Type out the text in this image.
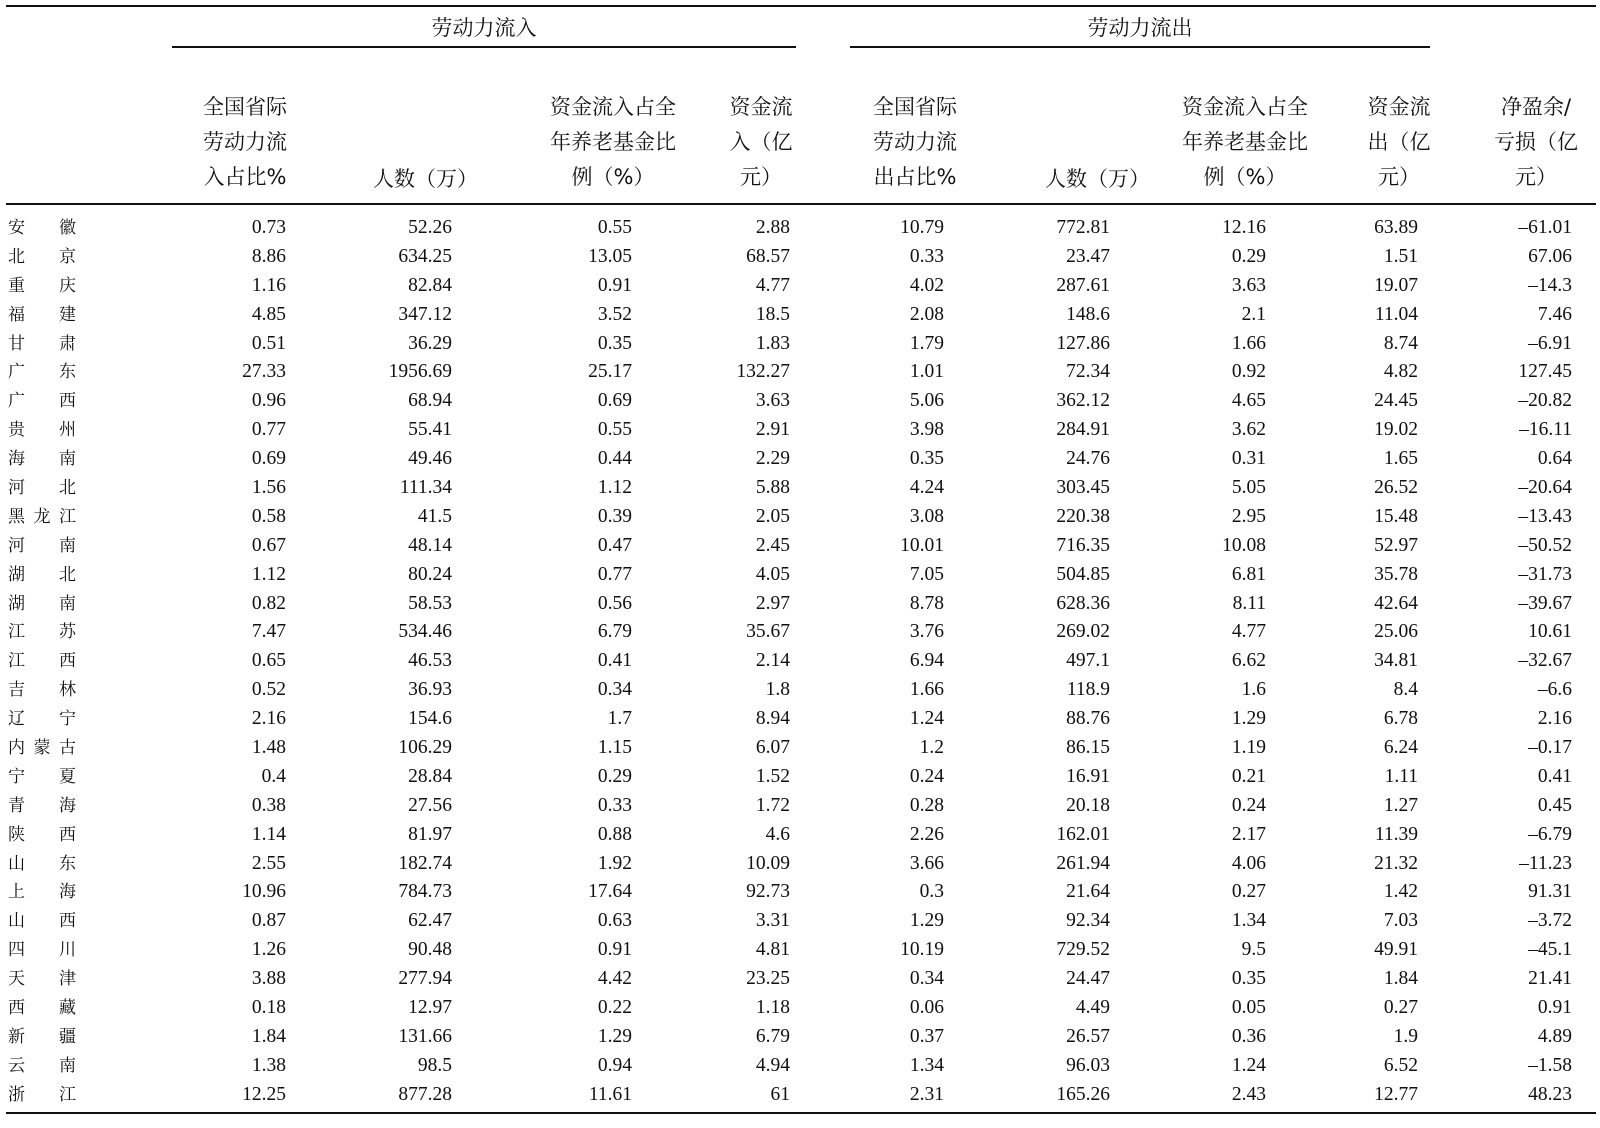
劳动力流入	劳动力流出
全国省际
劳动力流
入占比%	人数（万）
资金流入占全
年养老基金比
例（%）
资金流
入（亿
元）
全国省际
劳动力流
出占比%	人数（万）
资金流入占全
年养老基金比
例（%）
资金流
出（亿
元）
净盈余/
亏损（亿
元）
安　徽	0.73	52.26	0.55	2.88	10.79	772.81	12.16	63.89	–61.01
北　京	8.86	634.25	13.05	68.57	0.33	23.47	0.29	1.51	67.06
重　庆	1.16	82.84	0.91	4.77	4.02	287.61	3.63	19.07	–14.3
福　建	4.85	347.12	3.52	18.5	2.08	148.6	2.1	11.04	7.46
甘　肃	0.51	36.29	0.35	1.83	1.79	127.86	1.66	8.74	–6.91
广　东	27.33	1956.69	25.17	132.27	1.01	72.34	0.92	4.82	127.45
广　西	0.96	68.94	0.69	3.63	5.06	362.12	4.65	24.45	–20.82
贵　州	0.77	55.41	0.55	2.91	3.98	284.91	3.62	19.02	–16.11
海　南	0.69	49.46	0.44	2.29	0.35	24.76	0.31	1.65	0.64
河　北	1.56	111.34	1.12	5.88	4.24	303.45	5.05	26.52	–20.64
黑龙江	0.58	41.5	0.39	2.05	3.08	220.38	2.95	15.48	–13.43
河　南	0.67	48.14	0.47	2.45	10.01	716.35	10.08	52.97	–50.52
湖　北	1.12	80.24	0.77	4.05	7.05	504.85	6.81	35.78	–31.73
湖　南	0.82	58.53	0.56	2.97	8.78	628.36	8.11	42.64	–39.67
江　苏	7.47	534.46	6.79	35.67	3.76	269.02	4.77	25.06	10.61
江　西	0.65	46.53	0.41	2.14	6.94	497.1	6.62	34.81	–32.67
吉　林	0.52	36.93	0.34	1.8	1.66	118.9	1.6	8.4	–6.6
辽　宁	2.16	154.6	1.7	8.94	1.24	88.76	1.29	6.78	2.16
内蒙古	1.48	106.29	1.15	6.07	1.2	86.15	1.19	6.24	–0.17
宁　夏	0.4	28.84	0.29	1.52	0.24	16.91	0.21	1.11	0.41
青　海	0.38	27.56	0.33	1.72	0.28	20.18	0.24	1.27	0.45
陕　西	1.14	81.97	0.88	4.6	2.26	162.01	2.17	11.39	–6.79
山　东	2.55	182.74	1.92	10.09	3.66	261.94	4.06	21.32	–11.23
上　海	10.96	784.73	17.64	92.73	0.3	21.64	0.27	1.42	91.31
山　西	0.87	62.47	0.63	3.31	1.29	92.34	1.34	7.03	–3.72
四　川	1.26	90.48	0.91	4.81	10.19	729.52	9.5	49.91	–45.1
天　津	3.88	277.94	4.42	23.25	0.34	24.47	0.35	1.84	21.41
西　藏	0.18	12.97	0.22	1.18	0.06	4.49	0.05	0.27	0.91
新　疆	1.84	131.66	1.29	6.79	0.37	26.57	0.36	1.9	4.89
云　南	1.38	98.5	0.94	4.94	1.34	96.03	1.24	6.52	–1.58
浙　江	12.25	877.28	11.61	61	2.31	165.26	2.43	12.77	48.23
